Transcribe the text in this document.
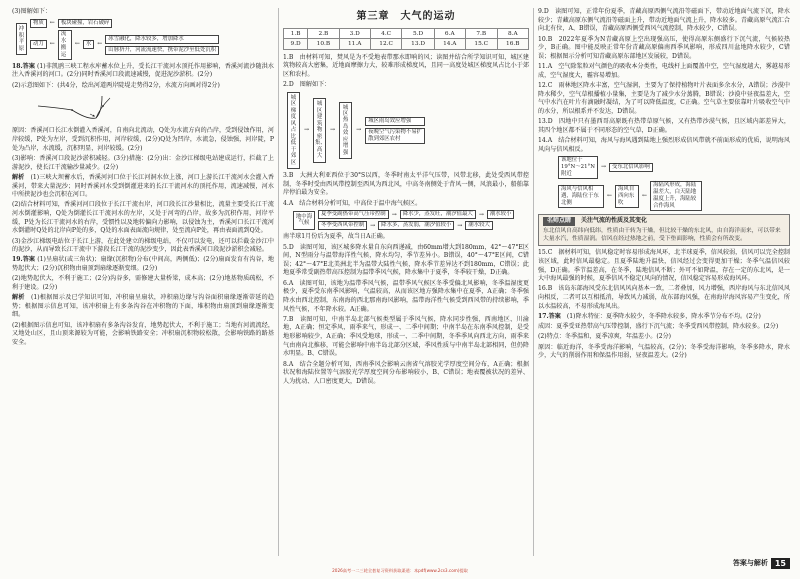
(3)图解如下：

冲积平原
物质	←	板块碰撞，岩石破碎
动力	←
流水搬运
←	水	←
冰雪融化，降水较多，增加降水
山脉挤升，河流流速快，携带泥沙至低处沉积

18.答案 (1)非凯鸥三峡工程水库蓄水位上升，受长江干流河水顶托作用影响，香溪河流沙随洪水注入香溪河的河口。(2分)同时香溪河口段流速减慢，促进泥沙淤积。(2分)

(2)示意图如下：(共4分，绘出河道两岸陡堤走势得2分，水流方向画对得2分)

原因：香溪河口长江水倒灌入香溪河，自南向北流动，Q处为水流方向的凸岸，受到侵蚀作用，河岸较缓，P处为左岸，受到沉积作用，河岸较缓，(2分)Q处为凹岸，水流急，侵蚀强，河岸陡，P处为凸岸，水流缓，沉积明显，河岸较缓。(2分)

(3)影响：香溪河口段泥沙淤积减轻。(3分)措施：(2分)出：金沙江梯级电站建成运行，拦截了上游泥沙，使长江干流输沙量减少。(2分)

解析　 (1)三峡大坝蓄水后，香溪河河口位于长江河洞水位上涨，河口上游长江干流河水会灌入香溪河，带来大量泥沙；同时香溪河水受到倒灌进来的长江干流河水的顶托作用，流速减慢，河水中所挟泥沙也会沉积在河口。

(2)结合材料可知，香溪河河口段位于长江干流右岸，河口段长江沙量相比，流量主要受长江干流河水倒灌影响，Q处为倒灌长江干流河水的左岸，又处于河弯的凸岸，故多为沉积作用，河岸平缓，P处为长江干流河水的右岸，受惯性以及地转偏向力影响，以侵蚀为主，香溪河口长江干流河水倒灌时Q处的北岸向P处的多，Q处的水面表面流向规律，处至流向P处，再由表面流到Q处。

(3)金沙江梯级电站位于长江上游，在此处建立的梯级电站，不仅可以发电，还可以拦截金沙江中的泥沙，从而导致长江干流中下游段长江干流的泥沙变少，因此表香溪河口段泥沙淤积会减轻。

19.答案 (1)呈扇状(或三角状)；扇缘(沉积物)分布(中间高，两侧低)；(2分)扇面发育有沟谷，地势起伏大；(2分)沉积物由扇顶到扇缘逐渐变细。(2分)

(2)地势起伏大，不利于施工；(2分)沟谷多，需修建大量桥梁，成本高；(2分)地基物质疏松，不利于建设。(2分)

解析　 (1)根据图示及已学知识可知，冲积扇呈扇状，冲积扇边缘与沟谷面积扇缘逐渐蒂延的趋势；根据图示信息可知，该冲积扇上有多条沟谷在冲积物的下面，堆积物由扇顶到扇缘逐渐变细。

(2)根据图示信息可知，该冲积扇有多条沟谷发育，地势起伏大，不利于施工；当地有河流流经，又地处山区，且山顶来源较为可能，会影响铁路安全；冲积扇沉积物较松散，会影响铁路的路基安全。

第三章　大气的运动
1.B	2.B	3.D	4.C	5.D	6.A	7.B	8.A
9.D	10.B	11.A	12.C	13.D	14.A	15.C	16.B

1.B　由材料可知，焚风是为不受地表带那水即响的风；读图并结合所学知识可知，城区建筑物较高大密集，近地面摩擦力大，较难形成梯度风，且同一高度处城区梯度风占比小于郊区和农村。

2.D　图解如下：

城区梯度风占比低于郊区
→
城区建筑物密集、高大
→
城区热岛效应增强
→
城区雨岛效应增强
夜晚空气污染物不易扩散到郊区农村

3.B　大洲大利亚西位于30°S以西，冬季时南太平洋气压带，风带北移，此处受西风带控制，冬季时受由西风带控制至西风为西北风，中高冬南侧处于背风一侧，风浪最小，船舶靠岸停泊最为安全。

4.A　结合材料分析可知，中高位于温中海气候区。

地中海气候
夏季受副热带高气压带控制	→	降水少，蒸发旺，潮汐值最大	→	潮水较小
冬季受西风带控制	→	降水多，蒸发弱，潮汐值较小	→	潮水较大

南半球1月份后为夏季，故当日A正确。

5.D　读图可知，该区城多降水量自东向西递减，由60mm增大到180mm，42°～47°E区间，N型雨分与温带海洋性气候，降水均匀，季节差异小。B错误，40°～47°E区间，C错误；42°～47°E北美洲北半为温带大陆性气候，降水季节差异达不到180mm，C错误；此地夏季常受副热带高压控制为温带季风气候，降水集中于夏季，冬季较干燥，D正确。

6.A　读图可知，该地为温带季风气候，温带季风气候区冬季受偏北风影响，冬季温湿度更极少，夏季受东南季风影响，气温较高，从而该区地方强降水集中在夏季，A正确；冬季强降水由西北控制，东南海的西北那南海风影响，温带海洋性气候受到西风带的持续影响，季风性气候，不年降水较。A正确。

7.B　读图可知，中南半岛北部气候类型属于季风气候，降水同步性强，西南地区、川渝地，A正确；恒定季风，雨季来气，形成一、二季中间期；中南半岛在东南季风控制，是受地形影响较少，A正确；季风受地球，形成一、二季中间期，冬季季风向西北方向，雨季来气由南向北推移，可能会影响中南半岛北部分区域，季风性质与中南半岛北部相同，但仍降水明显。B、C错误。

8.A　结合全题分析可知，西南季风会影响云南省气溶胶光学厚度空间分布，A正确；根据状况和海陆位置等气溶胶光学厚度空间分布影响较小，B、C错误；地表覆被状况的差异、人为扰动、人口密度更大，D错误。

9.D　读图可知，正常年份夏季，青藏高原西侧气流沿等磁面下，带动近地面气流下沉，降水较少；青藏高原东侧气流沿等磁面上升，带动近地面气流上升，降水较多。青藏高原气流汇合向北有位，A、B错误，青藏高原西侧受西风气流控制，降水较少，C错误。

10.B　2022年夏季为N青藏高原上空出现强高压，使得高原东侧盛行下沉气流，气候较热少，B正确。图中能反映正常年份青藏高原偏南西季风影响，形成四川盆地降水较少，C错误；根据图示分析可知青藏高原东部地区发展较，D错误。

11.A　空气除浆粒对气颜色的吸收本分类性，电线杆上面覆盖中空，空气湿度越大，雾越易形成，空气湿度大，霾容易增加。

12.C　雨林地区降水丰富，空气湿润，主要为了保持植物叶片表面多余水分，A错误；沙漠中降水稀少，空气草根播植小量集，主要是为了减少水分蒸腾，B错误；沙漠中昼夜温差大，空气中水汽在叶片有滴融时凝结，为了可以降低温度，C正确。空气草主要依靠叶片吸收空气中的水分，所以根系并不发达，D错误。

13.D　四地中只有墨西哥高原既有热带草原气候，又有热带沙漠气候，且区域内部差异大，其四个地区都不属于不同形态的空气草，D正确。

14.A　结合材料可知，海风与海风遇到陆地上强烈形成信风带就不前面形成的优质，说明海风风向与信风相反。

该地位于19°N～21°N附近
→	受东北信风影响
海风与信风相遇，海陆位于东北侧
←
海风自西向东吹
←
海陆风形成，海陆温差大，白天陆地温度上升，海陆较合作海风
名师点睛	关注气流的性质及其变化
东北信风自高纬向低纬，性质由干转为干燥，但比较干燥的东北风，由自海洋而来，可以带来大量水汽，性质湿润。信风在经过热地之前，受下垫面影响，性质会有所改变。

15.C　据材料可知，信风稳定时容易形成海风环，北半球夏季，信风较弱，信风可以完全控制该区域，此时信风最稳定。且夏季陆地升温快，信风经过会变得更加干燥；冬季气温信风较强，D正确。季节温差高，在冬季，陆地信风不断；外可不如降温，存在一定的东北风，是一大中海风最强的时候，夏季信风不稳定(风向的情况，信风稳定容易形成海风环。

16.B　该岛东部海风受东北信风风向基本一致，二者叠加，风力增强，西岸海风与东北信风风向相反，二者可以互相抵消，导致风力减弱，故东部海风强，在南海岸海风容易产生变化，所以水温较高，不易形成海风出。

17.答案　 (1)降水特征：夏季降水较少，冬季降水较多，降水季节分布不均。(2分)

成因：夏季受亚热带高气压带控制，盛行下沉气流；冬季受西风带控制，降水较多。(2分)

(2)特点：冬季温和，夏季凉爽，年温差小。(2分)

原因：临近海洋，冬季受海洋影响，气温较高，(2分)；冬季受海洋影响，冬季多降水，降水少，大气的削弱作用和保温作用弱，昼夜温差大。(2分)

答案与解析 15
2026高考一二三轮全套复习资料获取渠道：本pdf(www.2cs3.com)提取
